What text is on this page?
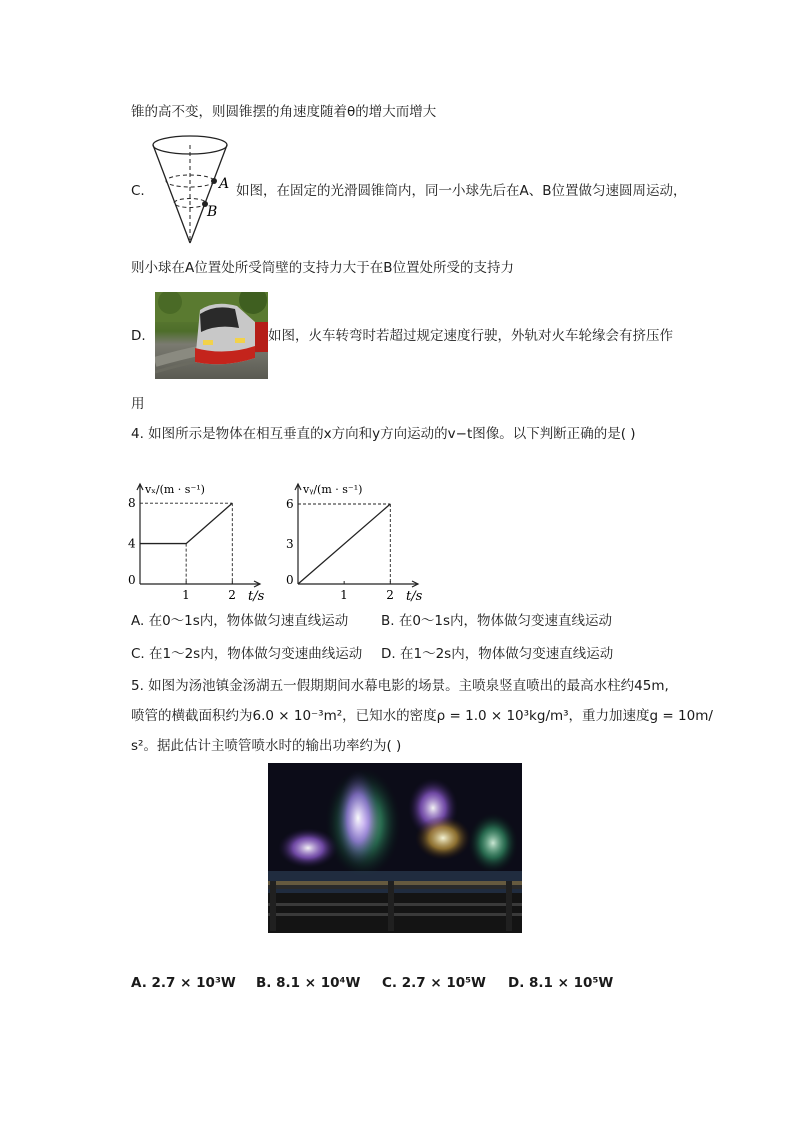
锥的高不变，则圆锥摆的角速度随着θ的增大而增大
A
B
C.	如图，在固定的光滑圆锥筒内，同一小球先后在A、B位置做匀速圆周运动，
则小球在A位置处所受筒壁的支持力大于在B位置处所受的支持力
D.	如图，火车转弯时若超过规定速度行驶，外轨对火车轮缘会有挤压作
用
4. 如图所示是物体在相互垂直的x方向和y方向运动的v−t图像。以下判断正确的是( )
vₓ/(m · s⁻¹)
t/s
1	2
0
4
8
vᵧ/(m · s⁻¹)
t/s
1	2
0
3
6
A. 在0～1s内，物体做匀速直线运动 B. 在0～1s内，物体做匀变速直线运动
C. 在1～2s内，物体做匀变速曲线运动 D. 在1～2s内，物体做匀变速直线运动
5. 如图为汤池镇金汤湖五一假期期间水幕电影的场景。主喷泉竖直喷出的最高水柱约45m,
喷管的横截面积约为6.0 × 10⁻³m²，已知水的密度ρ = 1.0 × 10³kg/m³，重力加速度g = 10m/
s²。据此估计主喷管喷水时的输出功率约为( )
A. 2.7 × 10³W B. 8.1 × 10⁴W C. 2.7 × 10⁵W D. 8.1 × 10⁵W
